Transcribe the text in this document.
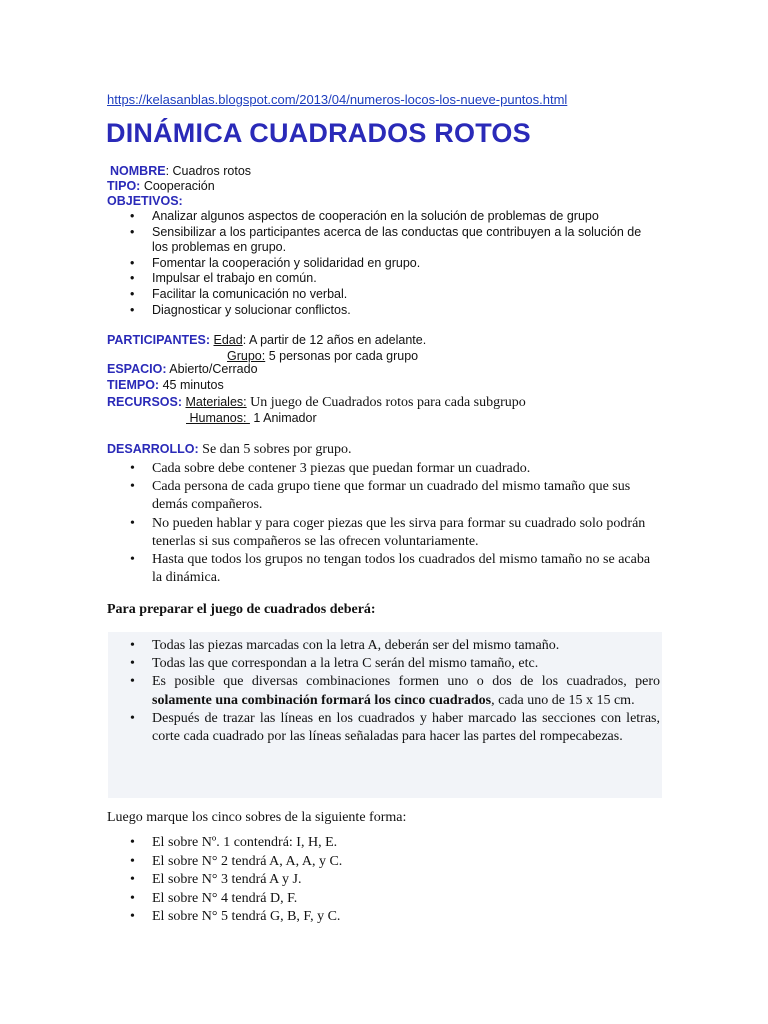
https://kelasanblas.blogspot.com/2013/04/numeros-locos-los-nueve-puntos.html
DINÁMICA CUADRADOS ROTOS
NOMBRE: Cuadros rotos
TIPO: Cooperación
OBJETIVOS:
• Analizar algunos aspectos de cooperación en la solución de problemas de grupo
• Sensibilizar a los participantes acerca de las conductas que contribuyen a la solución de los problemas en grupo.
• Fomentar la cooperación y solidaridad en grupo.
• Impulsar el trabajo en común.
• Facilitar la comunicación no verbal.
• Diagnosticar y solucionar conflictos.
PARTICIPANTES: Edad: A partir de 12 años en adelante.
Grupo: 5 personas por cada grupo
ESPACIO: Abierto/Cerrado
TIEMPO: 45 minutos
RECURSOS: Materiales: Un juego de Cuadrados rotos para cada subgrupo
Humanos:  1 Animador
DESARROLLO: Se dan 5 sobres por grupo.
• Cada sobre debe contener 3 piezas que puedan formar un cuadrado.
• Cada persona de cada grupo tiene que formar un cuadrado del mismo tamaño que sus demás compañeros.
• No pueden hablar y para coger piezas que les sirva para formar su cuadrado solo podrán tenerlas si sus compañeros se las ofrecen voluntariamente.
• Hasta que todos los grupos no tengan todos los cuadrados del mismo tamaño no se acaba la dinámica.
Para preparar el juego de cuadrados deberá:
• Todas las piezas marcadas con la letra A, deberán ser del mismo tamaño.
• Todas las que correspondan a la letra C serán del mismo tamaño, etc.
• Es posible que diversas combinaciones formen uno o dos de los cuadrados, pero solamente una combinación formará los cinco cuadrados, cada uno de 15 x 15 cm.
• Después de trazar las líneas en los cuadrados y haber marcado las secciones con letras, corte cada cuadrado por las líneas señaladas para hacer las partes del rompecabezas.
Luego marque los cinco sobres de la siguiente forma:
• El sobre Nº. 1 contendrá: I, H, E.
• El sobre N° 2 tendrá A, A, A, y C.
• El sobre N° 3 tendrá A y J.
• El sobre N° 4 tendrá D, F.
• El sobre N° 5 tendrá G, B, F, y C.
